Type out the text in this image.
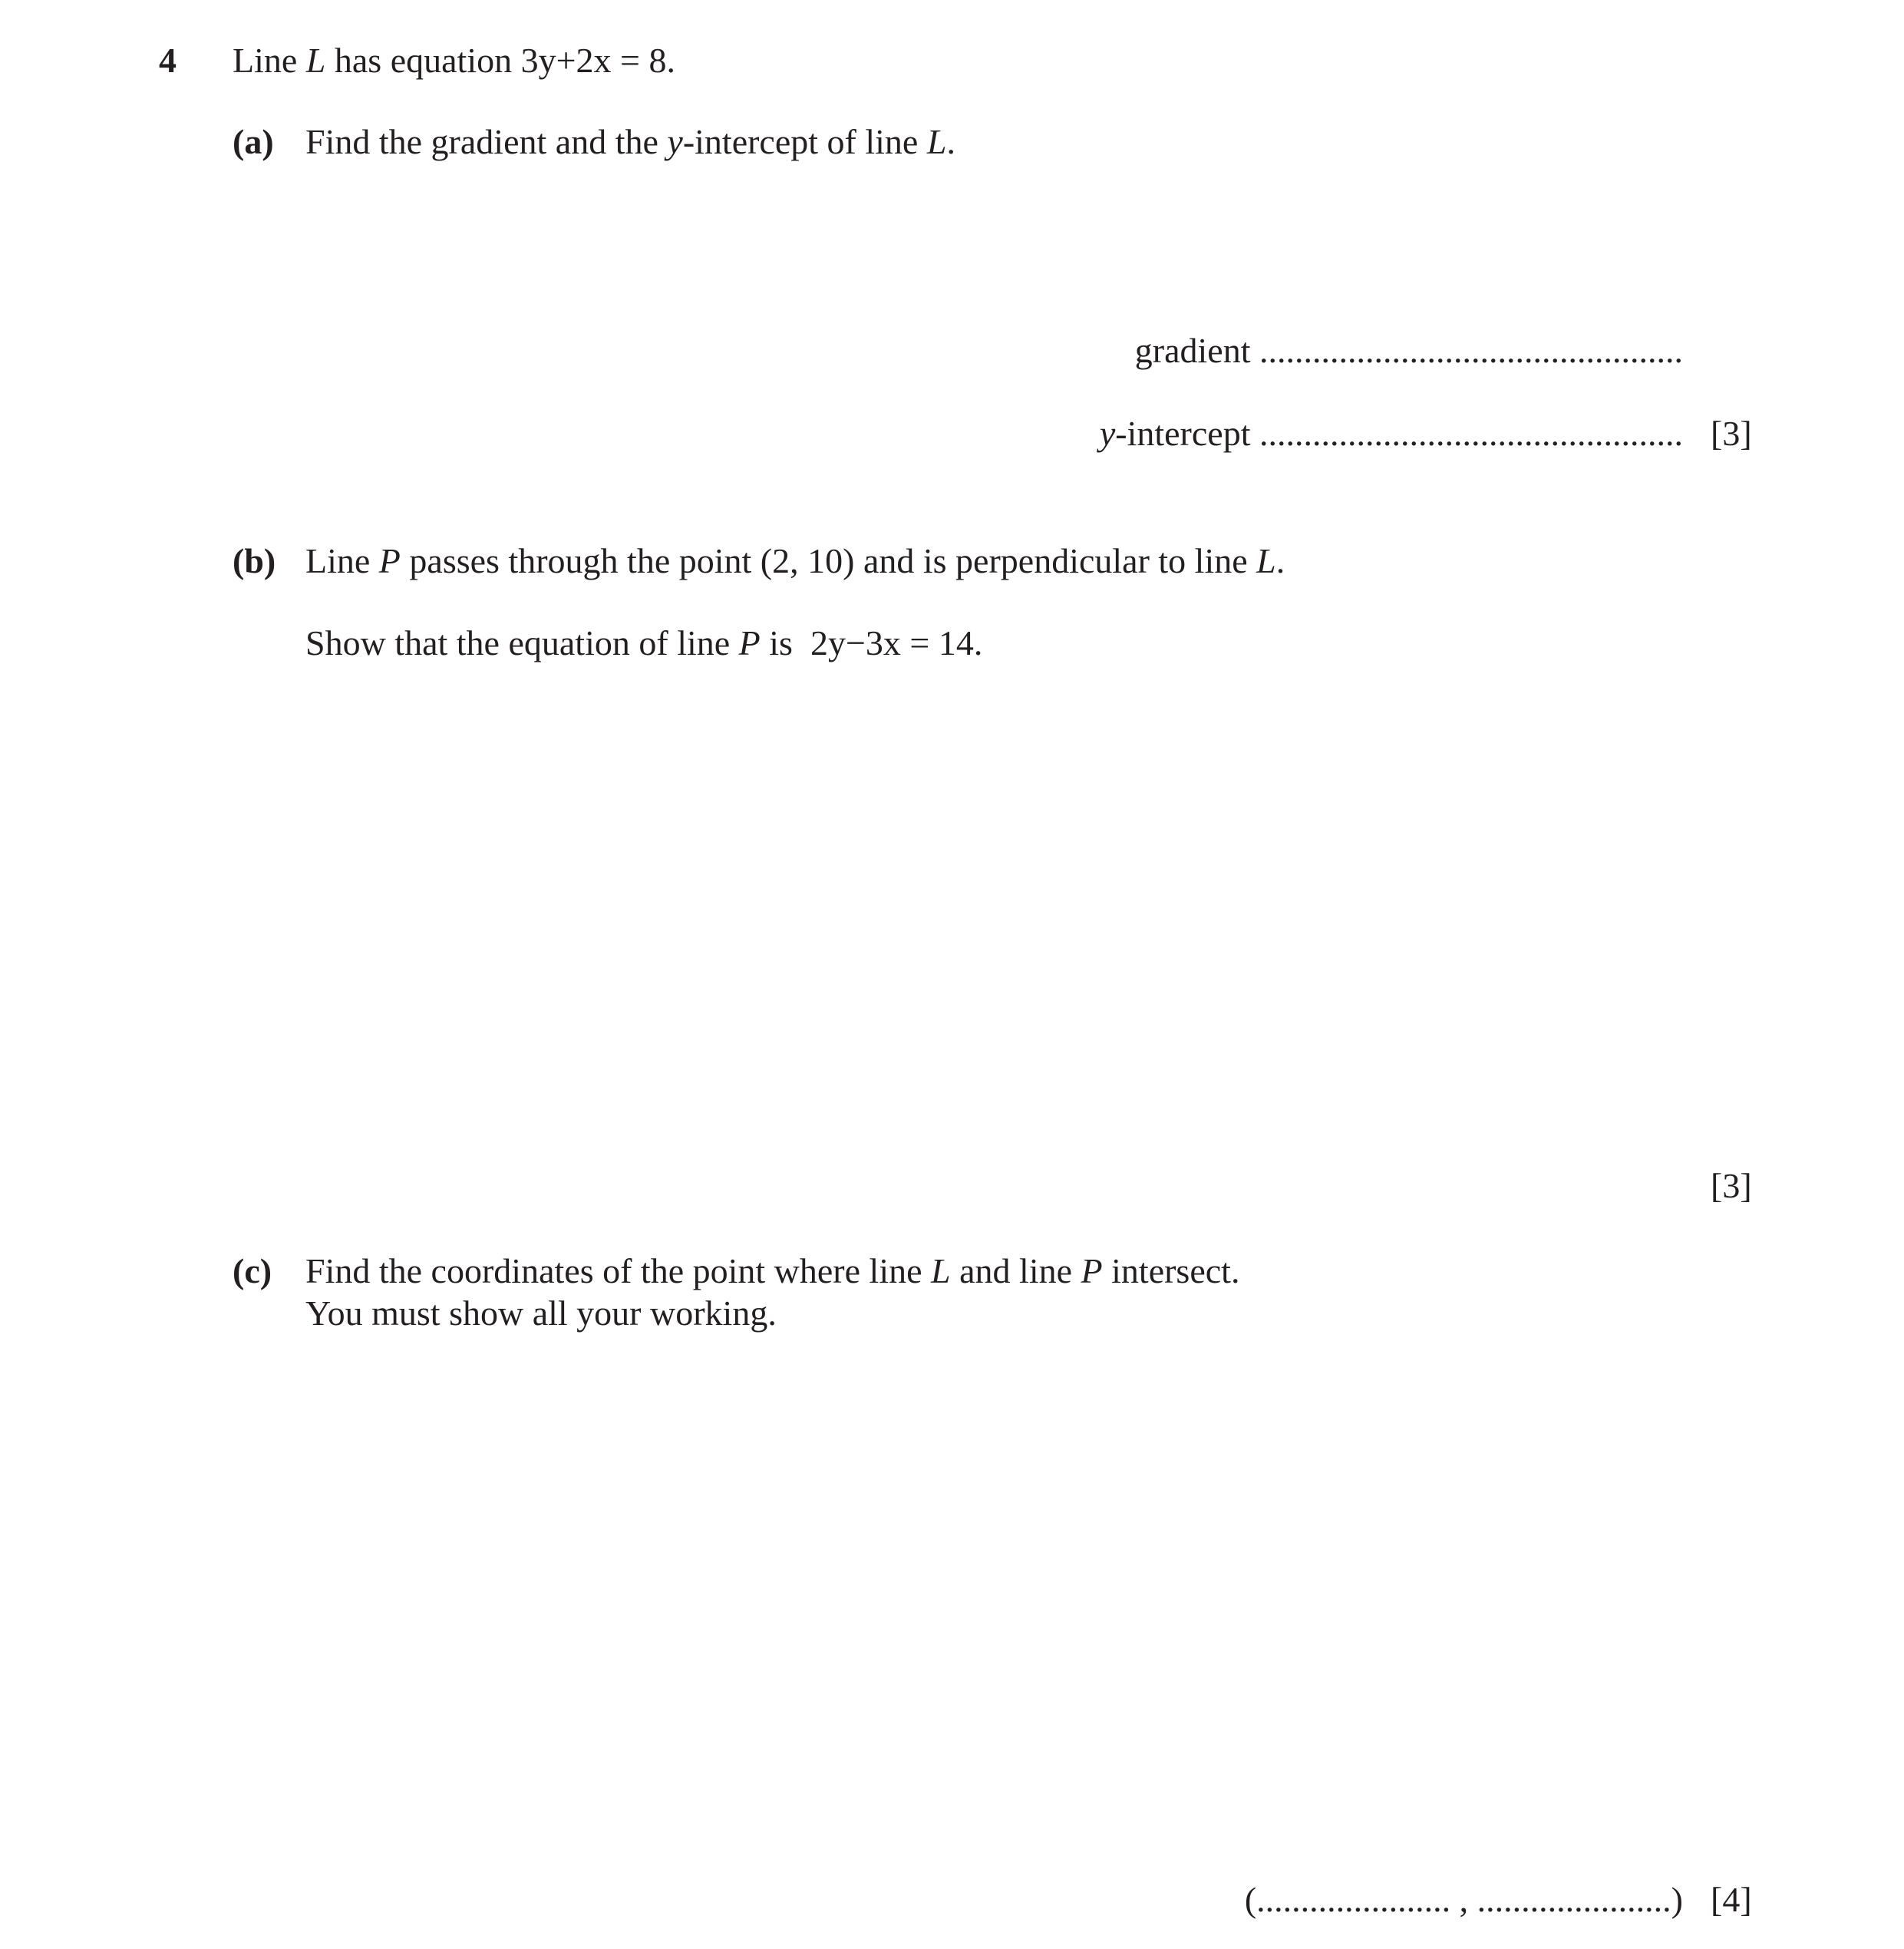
4 Line L has equation 3y+2x = 8.
(a) Find the gradient and the y-intercept of line L.
gradient ................................................
y-intercept ................................................ [3]
(b) Line P passes through the point (2, 10) and is perpendicular to line L.
Show that the equation of line P is  2y−3x = 14.
[3]
(c) Find the coordinates of the point where line L and line P intersect.
You must show all your working.
(...................... , ......................) [4]
